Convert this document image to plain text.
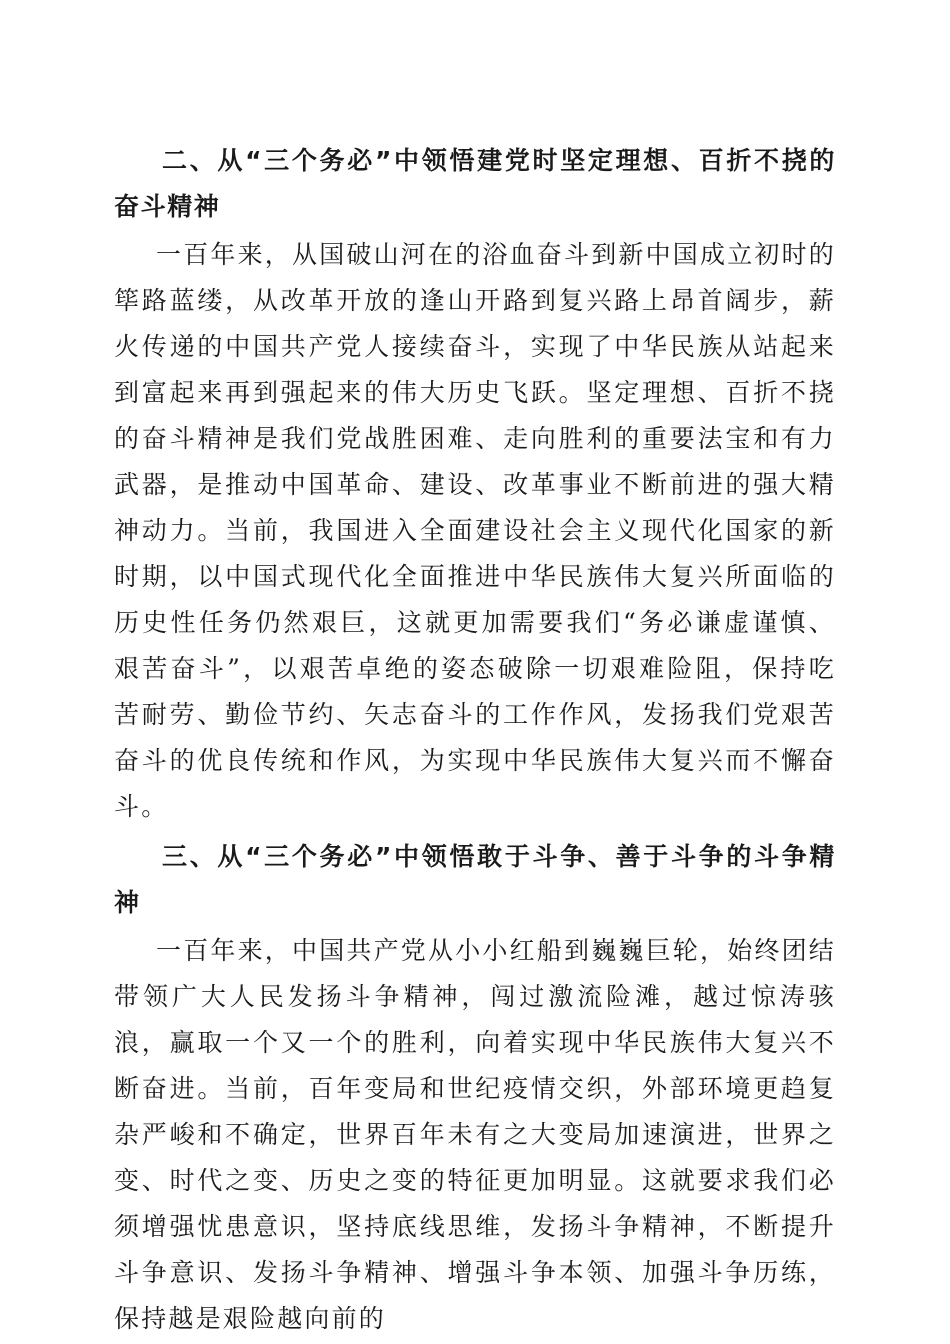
二、从“三个务必”中领悟建党时坚定理想、百折不挠的奋斗精神

一百年来，从国破山河在的浴血奋斗到新中国成立初时的筚路蓝缕，从改革开放的逢山开路到复兴路上昂首阔步，薪火传递的中国共产党人接续奋斗，实现了中华民族从站起来到富起来再到强起来的伟大历史飞跃。坚定理想、百折不挠的奋斗精神是我们党战胜困难、走向胜利的重要法宝和有力武器，是推动中国革命、建设、改革事业不断前进的强大精神动力。当前，我国进入全面建设社会主义现代化国家的新时期，以中国式现代化全面推进中华民族伟大复兴所面临的历史性任务仍然艰巨，这就更加需要我们“务必谦虚谨慎、艰苦奋斗”，以艰苦卓绝的姿态破除一切艰难险阻，保持吃苦耐劳、勤俭节约、矢志奋斗的工作作风，发扬我们党艰苦奋斗的优良传统和作风，为实现中华民族伟大复兴而不懈奋斗。

三、从“三个务必”中领悟敢于斗争、善于斗争的斗争精神

一百年来，中国共产党从小小红船到巍巍巨轮，始终团结带领广大人民发扬斗争精神，闯过激流险滩，越过惊涛骇浪，赢取一个又一个的胜利，向着实现中华民族伟大复兴不断奋进。当前，百年变局和世纪疫情交织，外部环境更趋复杂严峻和不确定，世界百年未有之大变局加速演进，世界之变、时代之变、历史之变的特征更加明显。这就要求我们必须增强忧患意识，坚持底线思维，发扬斗争精神，不断提升斗争意识、发扬斗争精神、增强斗争本领、加强斗争历练，保持越是艰险越向前的
